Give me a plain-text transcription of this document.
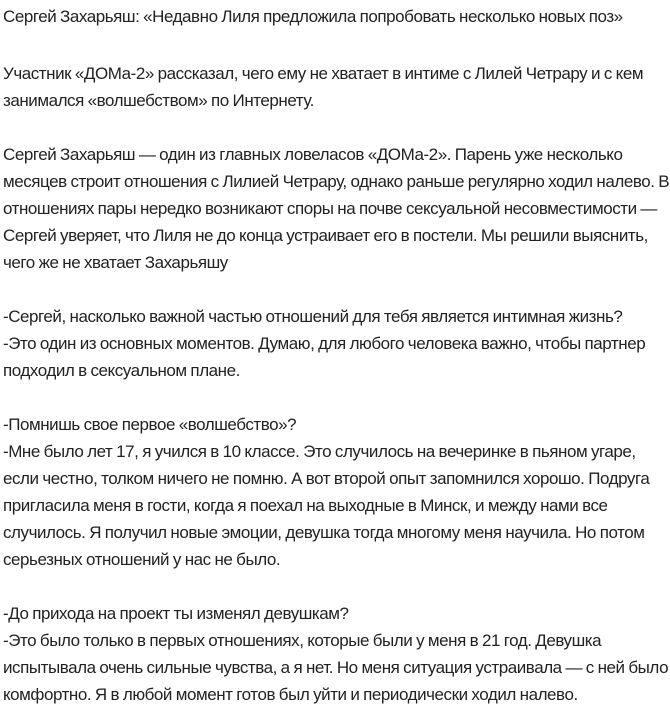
Сергей Захарьяш: «Недавно Лиля предложила попробовать несколько новых поз»

Участник «ДОМа-2» рассказал, чего ему не хватает в интиме с Лилей Четрару и с кем занимался «волшебством» по Интернету.

Сергей Захарьяш — один из главных ловеласов «ДОМа-2». Парень уже несколько месяцев строит отношения с Лилией Четрару, однако раньше регулярно ходил налево. В отношениях пары нередко возникают споры на почве сексуальной несовместимости — Сергей уверяет, что Лиля не до конца устраивает его в постели. Мы решили выяснить, чего же не хватает Захарьяшу

-Сергей, насколько важной частью отношений для тебя является интимная жизнь?

-Это один из основных моментов. Думаю, для любого человека важно, чтобы партнер подходил в сексуальном плане.

-Помнишь свое первое «волшебство»?

-Мне было лет 17, я учился в 10 классе. Это случилось на вечеринке в пьяном угаре, если честно, толком ничего не помню. А вот второй опыт запомнился хорошо. Подруга пригласила меня в гости, когда я поехал на выходные в Минск, и между нами все случилось. Я получил новые эмоции, девушка тогда многому меня научила. Но потом серьезных отношений у нас не было.

-До прихода на проект ты изменял девушкам?

-Это было только в первых отношениях, которые были у меня в 21 год. Девушка испытывала очень сильные чувства, а я нет. Но меня ситуация устраивала — с ней было комфортно. Я в любой момент готов был уйти и периодически ходил налево.
